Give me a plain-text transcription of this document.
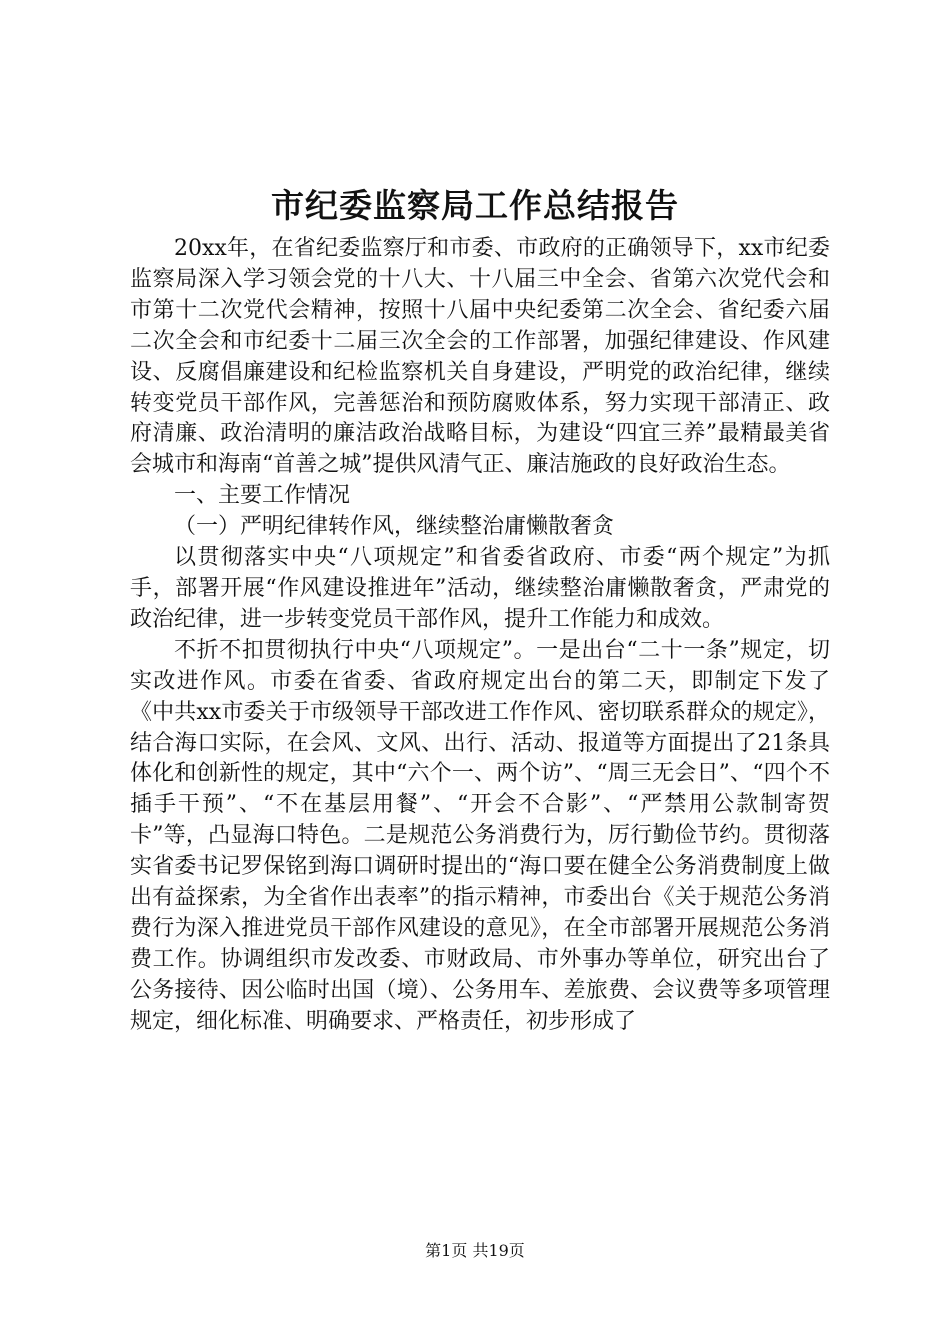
市纪委监察局工作总结报告

20xx年，在省纪委监察厅和市委、市政府的正确领导下，xx市纪委监察局深入学习领会党的十八大、十八届三中全会、省第六次党代会和市第十二次党代会精神，按照十八届中央纪委第二次全会、省纪委六届二次全会和市纪委十二届三次全会的工作部署，加强纪律建设、作风建设、反腐倡廉建设和纪检监察机关自身建设，严明党的政治纪律，继续转变党员干部作风，完善惩治和预防腐败体系，努力实现干部清正、政府清廉、政治清明的廉洁政治战略目标，为建设“四宜三养”最精最美省会城市和海南“首善之城”提供风清气正、廉洁施政的良好政治生态。

一、主要工作情况

（一）严明纪律转作风，继续整治庸懒散奢贪

以贯彻落实中央“八项规定”和省委省政府、市委“两个规定”为抓手，部署开展“作风建设推进年”活动，继续整治庸懒散奢贪，严肃党的政治纪律，进一步转变党员干部作风，提升工作能力和成效。

不折不扣贯彻执行中央“八项规定”。一是出台“二十一条”规定，切实改进作风。市委在省委、省政府规定出台的第二天，即制定下发了《中共xx市委关于市级领导干部改进工作作风、密切联系群众的规定》，结合海口实际，在会风、文风、出行、活动、报道等方面提出了21条具体化和创新性的规定，其中“六个一、两个访”、“周三无会日”、“四个不插手干预”、“不在基层用餐”、“开会不合影”、“严禁用公款制寄贺卡”等，凸显海口特色。二是规范公务消费行为，厉行勤俭节约。贯彻落实省委书记罗保铭到海口调研时提出的“海口要在健全公务消费制度上做出有益探索，为全省作出表率”的指示精神，市委出台《关于规范公务消费行为深入推进党员干部作风建设的意见》，在全市部署开展规范公务消费工作。协调组织市发改委、市财政局、市外事办等单位，研究出台了公务接待、因公临时出国（境）、公务用车、差旅费、会议费等多项管理规定，细化标准、明确要求、严格责任，初步形成了

第1页 共19页
